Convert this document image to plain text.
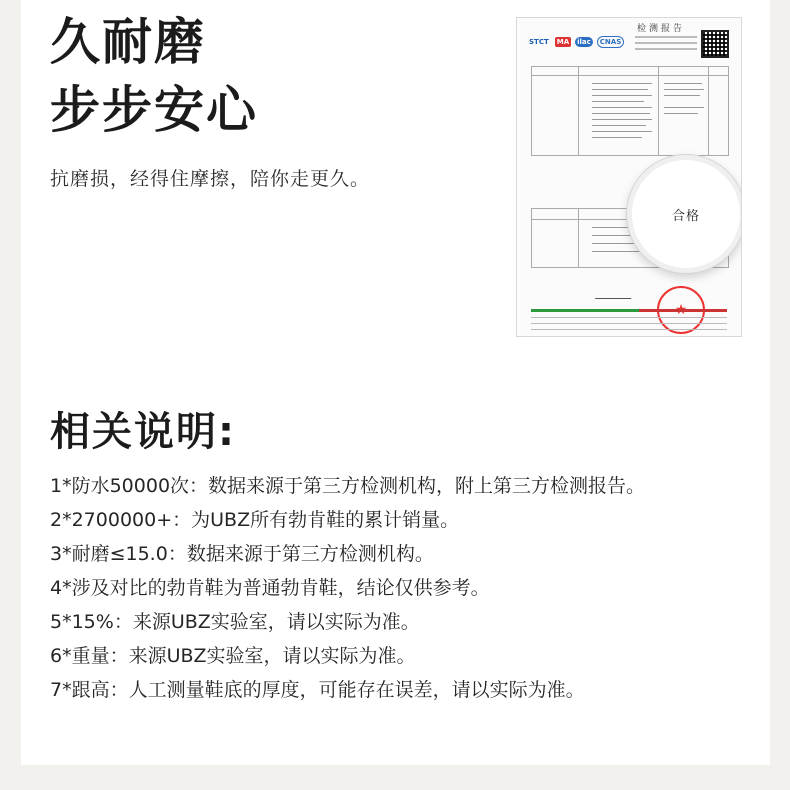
久耐磨
步步安心

抗磨损，经得住摩擦，陪你走更久。

检测报告
STCT MA ilac	CNAS
合格
相关说明:
1*防水50000次：数据来源于第三方检测机构，附上第三方检测报告。
2*2700000+：为UBZ所有勃肯鞋的累计销量。
3*耐磨≤15.0：数据来源于第三方检测机构。
4*涉及对比的勃肯鞋为普通勃肯鞋，结论仅供参考。
5*15%：来源UBZ实验室，请以实际为准。
6*重量：来源UBZ实验室，请以实际为准。
7*跟高：人工测量鞋底的厚度，可能存在误差，请以实际为准。
